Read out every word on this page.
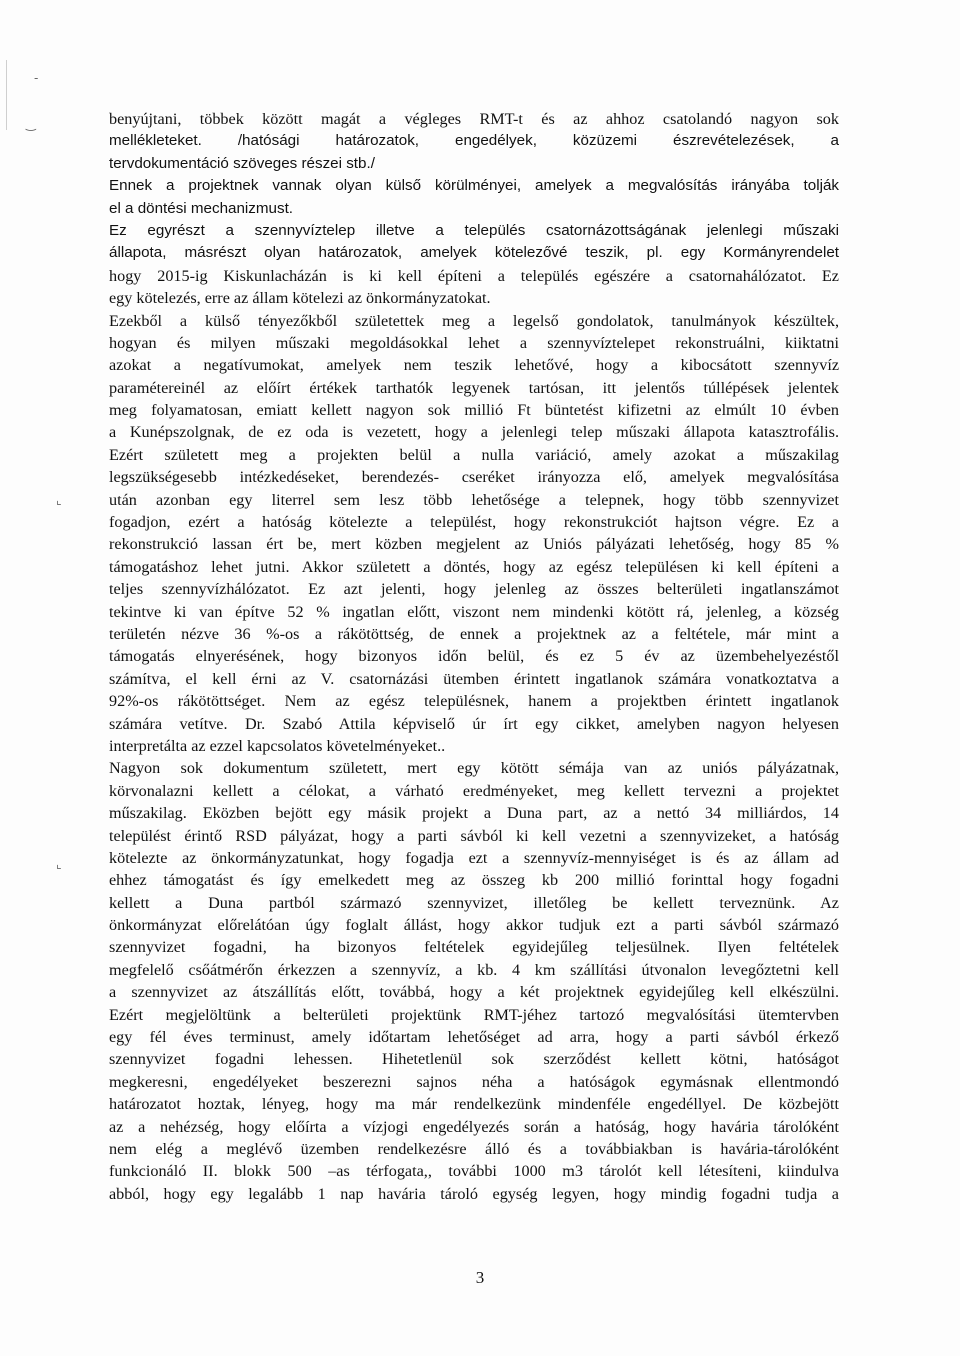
-
‿
⌞
⌞
benyújtani, többek között magát a végleges RMT-t és az ahhoz csatolandó nagyon sok
mellékleteket. /hatósági határozatok, engedélyek, közüzemi észrevételezések, a
tervdokumentáció szöveges részei stb./
Ennek a projektnek vannak olyan külső körülményei, amelyek a megvalósítás irányába tolják
el a döntési mechanizmust.
Ez egyrészt a szennyvíztelep illetve a település csatornázottságának jelenlegi műszaki
állapota, másrészt olyan határozatok, amelyek kötelezővé teszik, pl. egy Kormányrendelet
hogy 2015-ig Kiskunlacházán is ki kell építeni a település egészére a csatornahálózatot. Ez
egy kötelezés, erre az állam kötelezi az önkormányzatokat.
Ezekből a külső tényezőkből születettek meg a legelső gondolatok, tanulmányok készültek,
hogyan és milyen műszaki megoldásokkal lehet a szennyvíztelepet rekonstruálni, kiiktatni
azokat a negatívumokat, amelyek nem teszik lehetővé, hogy a kibocsátott szennyvíz
paramétereinél az előírt értékek tarthatók legyenek tartósan, itt jelentős túllépések jelentek
meg folyamatosan, emiatt kellett nagyon sok millió Ft büntetést kifizetni az elmúlt 10 évben
a Kunépszolgnak, de ez oda is vezetett, hogy a jelenlegi telep műszaki állapota katasztrofális.
Ezért született meg a projekten belül a nulla variáció, amely azokat a műszakilag
legszükségesebb intézkedéseket, berendezés- cseréket irányozza elő, amelyek megvalósítása
után azonban egy literrel sem lesz több lehetősége a telepnek, hogy több szennyvizet
fogadjon, ezért a hatóság kötelezte a települést, hogy rekonstrukciót hajtson végre. Ez a
rekonstrukció lassan ért be, mert közben megjelent az Uniós pályázati lehetőség, hogy 85 %
támogatáshoz lehet jutni. Akkor született a döntés, hogy az egész településen ki kell építeni a
teljes szennyvízhálózatot. Ez azt jelenti, hogy jelenleg az összes belterületi ingatlanszámot
tekintve ki van építve 52 % ingatlan előtt, viszont nem mindenki kötött rá, jelenleg, a község
területén nézve 36 %-os a rákötöttség, de ennek a projektnek az a feltétele, már mint a
támogatás elnyerésének, hogy bizonyos időn belül, és ez 5 év az üzembehelyezéstől
számítva, el kell érni az V. csatornázási ütemben érintett ingatlanok számára vonatkoztatva a
92%-os rákötöttséget. Nem az egész településnek, hanem a projektben érintett ingatlanok
számára vetítve. Dr. Szabó Attila képviselő úr írt egy cikket, amelyben nagyon helyesen
interpretálta az ezzel kapcsolatos követelményeket..
Nagyon sok dokumentum született, mert egy kötött sémája van az uniós pályázatnak,
körvonalazni kellett a célokat, a várható eredményeket, meg kellett tervezni a projektet
műszakilag. Eközben bejött egy másik projekt a Duna part, az a nettó 34 milliárdos, 14
települést érintő RSD pályázat, hogy a parti sávból ki kell vezetni a szennyvizeket, a hatóság
kötelezte az önkormányzatunkat, hogy fogadja ezt a szennyvíz-mennyiséget is és az állam ad
ehhez támogatást és így emelkedett meg az összeg kb 200 millió forinttal hogy fogadni
kellett a Duna partból származó szennyvizet, illetőleg be kellett terveznünk. Az
önkormányzat előrelátóan úgy foglalt állást, hogy akkor tudjuk ezt a parti sávból származó
szennyvizet fogadni, ha bizonyos feltételek egyidejűleg teljesülnek. Ilyen feltételek
megfelelő csőátmérőn érkezzen a szennyvíz, a kb. 4 km szállítási útvonalon levegőztetni kell
a szennyvizet az átszállítás előtt, továbbá, hogy a két projektnek egyidejűleg kell elkészülni.
Ezért megjelöltünk a belterületi projektünk RMT-jéhez tartozó megvalósítási ütemtervben
egy fél éves terminust, amely időtartam lehetőséget ad arra, hogy a parti sávból érkező
szennyvizet fogadni lehessen. Hihetetlenül sok szerződést kellett kötni, hatóságot
megkeresni, engedélyeket beszerezni sajnos néha a hatóságok egymásnak ellentmondó
határozatot hoztak, lényeg, hogy ma már rendelkezünk mindenféle engedéllyel. De közbejött
az a nehézség, hogy előírta a vízjogi engedélyezés során a hatóság, hogy havária tárolóként
nem elég a meglévő üzemben rendelkezésre álló és a továbbiakban is havária-tárolóként
funkcionáló II. blokk 500 –as térfogata,, további 1000 m3 tárolót kell létesíteni, kiindulva
abból, hogy egy legalább 1 nap havária tároló egység legyen, hogy mindig fogadni tudja a
3
